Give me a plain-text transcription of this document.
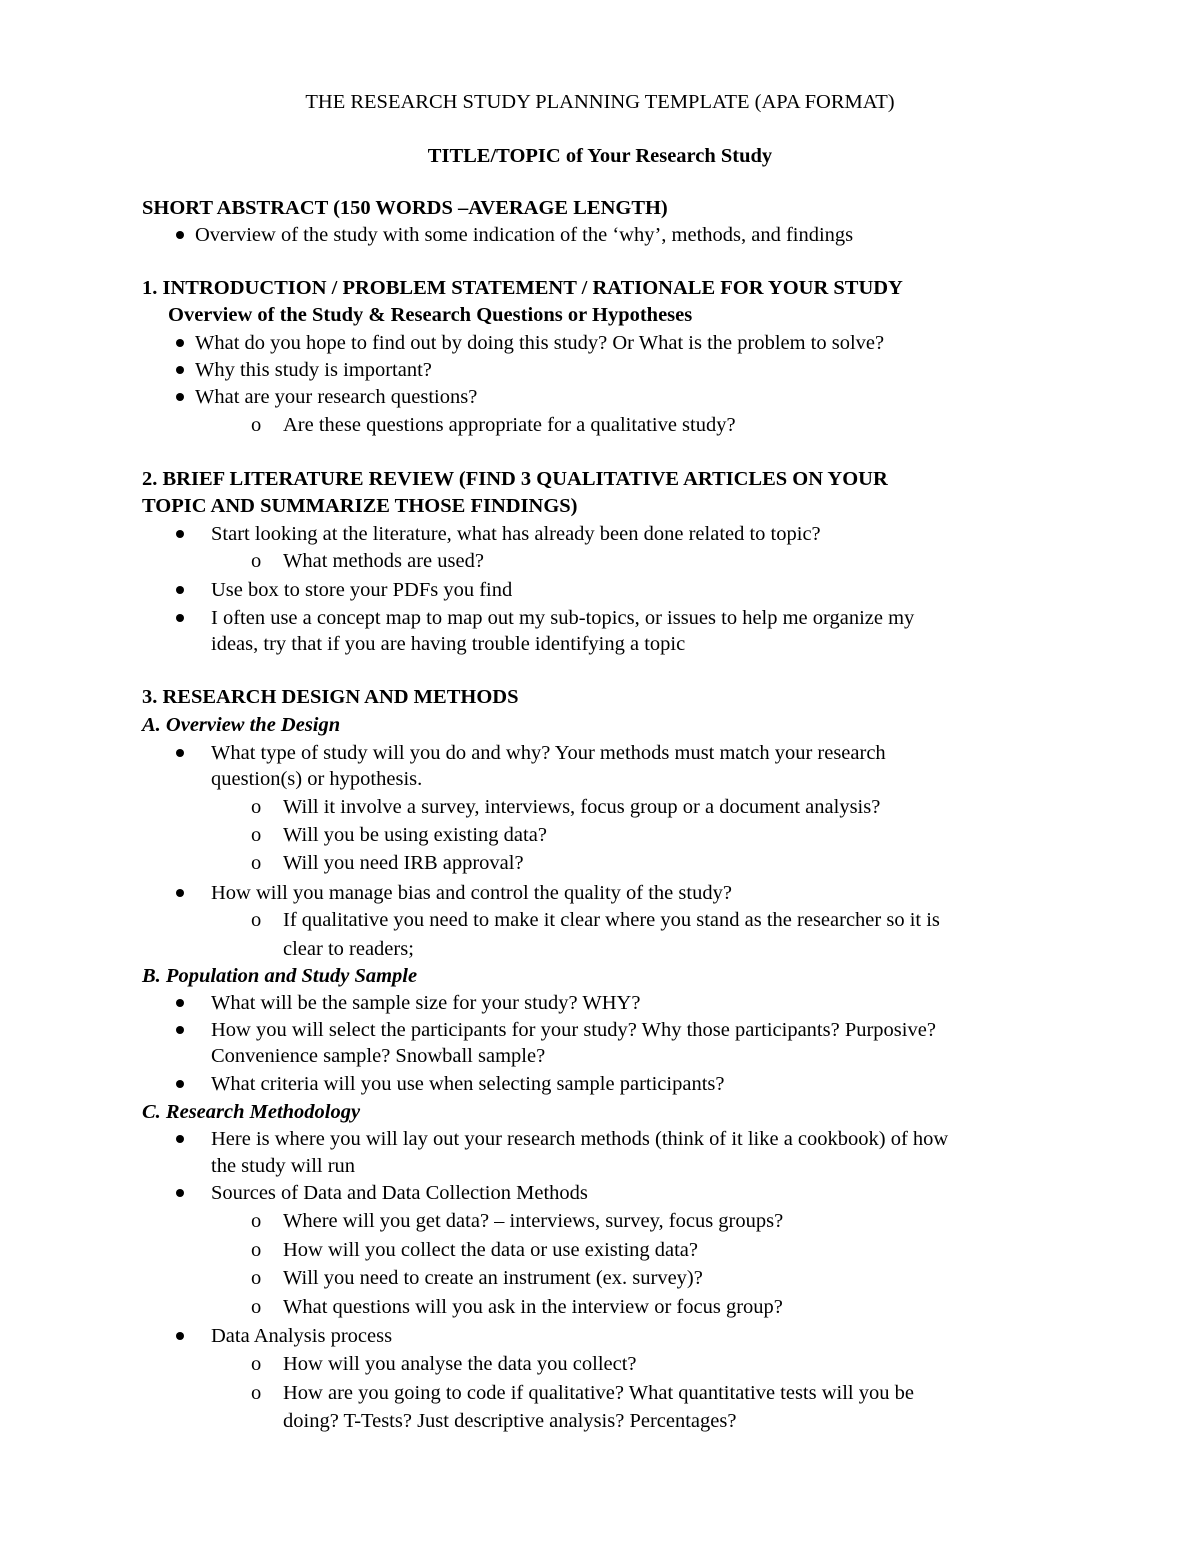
THE RESEARCH STUDY PLANNING TEMPLATE (APA FORMAT)

TITLE/TOPIC of Your Research Study

SHORT ABSTRACT (150 WORDS –AVERAGE LENGTH)

Overview of the study with some indication of the ‘why’, methods, and findings

1. INTRODUCTION / PROBLEM STATEMENT / RATIONALE FOR YOUR STUDY

Overview of the Study & Research Questions or Hypotheses

What do you hope to find out by doing this study? Or What is the problem to solve?

Why this study is important?

What are your research questions?

o Are these questions appropriate for a qualitative study?

2. BRIEF LITERATURE REVIEW (FIND 3 QUALITATIVE ARTICLES ON YOUR

TOPIC AND SUMMARIZE THOSE FINDINGS)

Start looking at the literature, what has already been done related to topic?

o What methods are used?

Use box to store your PDFs you find

I often use a concept map to map out my sub-topics, or issues to help me organize my

ideas, try that if you are having trouble identifying a topic

3. RESEARCH DESIGN AND METHODS

A. Overview the Design

What type of study will you do and why? Your methods must match your research

question(s) or hypothesis.

o Will it involve a survey, interviews, focus group or a document analysis?

o Will you be using existing data?

o Will you need IRB approval?

How will you manage bias and control the quality of the study?

o If qualitative you need to make it clear where you stand as the researcher so it is

clear to readers;

B. Population and Study Sample

What will be the sample size for your study? WHY?

How you will select the participants for your study? Why those participants? Purposive?

Convenience sample? Snowball sample?

What criteria will you use when selecting sample participants?

C. Research Methodology

Here is where you will lay out your research methods (think of it like a cookbook) of how

the study will run

Sources of Data and Data Collection Methods

o Where will you get data? – interviews, survey, focus groups?

o How will you collect the data or use existing data?

o Will you need to create an instrument (ex. survey)?

o What questions will you ask in the interview or focus group?

Data Analysis process

o How will you analyse the data you collect?

o How are you going to code if qualitative? What quantitative tests will you be

doing? T-Tests? Just descriptive analysis? Percentages?
